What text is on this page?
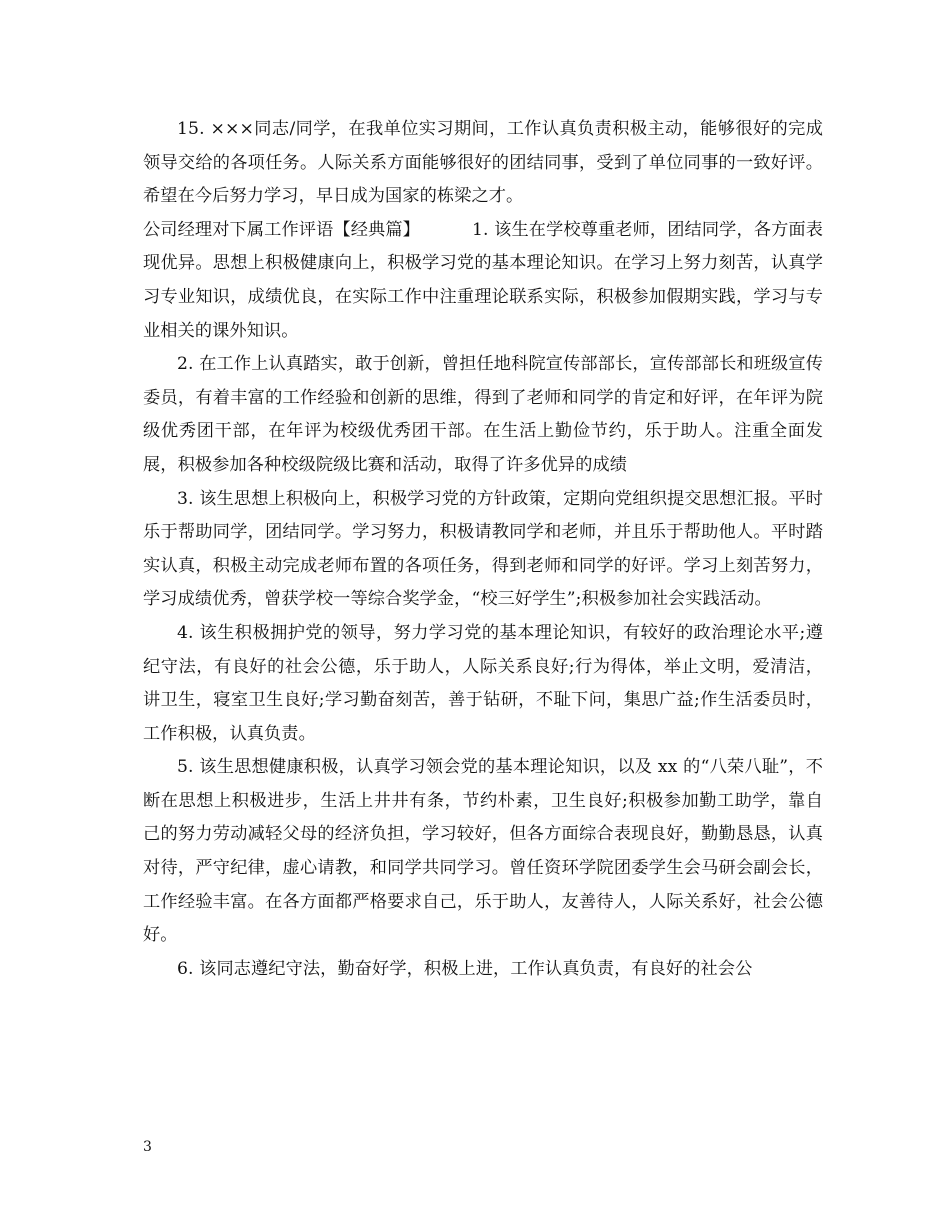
15. ×××同志/同学，在我单位实习期间，工作认真负责积极主动，能够很好的完成领导交给的各项任务。人际关系方面能够很好的团结同事，受到了单位同事的一致好评。希望在今后努力学习，早日成为国家的栋梁之才。

公司经理对下属工作评语【经典篇】	1. 该生在学校尊重老师，团结同学，各方面表现优异。思想上积极健康向上，积极学习党的基本理论知识。在学习上努力刻苦，认真学习专业知识，成绩优良，在实际工作中注重理论联系实际，积极参加假期实践，学习与专业相关的课外知识。

2. 在工作上认真踏实，敢于创新，曾担任地科院宣传部部长，宣传部部长和班级宣传委员，有着丰富的工作经验和创新的思维，得到了老师和同学的肯定和好评，在年评为院级优秀团干部，在年评为校级优秀团干部。在生活上勤俭节约，乐于助人。注重全面发展，积极参加各种校级院级比赛和活动，取得了许多优异的成绩

3. 该生思想上积极向上，积极学习党的方针政策，定期向党组织提交思想汇报。平时乐于帮助同学，团结同学。学习努力，积极请教同学和老师，并且乐于帮助他人。平时踏实认真，积极主动完成老师布置的各项任务，得到老师和同学的好评。学习上刻苦努力，学习成绩优秀，曾获学校一等综合奖学金，“校三好学生”;积极参加社会实践活动。

4. 该生积极拥护党的领导，努力学习党的基本理论知识，有较好的政治理论水平;遵纪守法，有良好的社会公德，乐于助人，人际关系良好;行为得体，举止文明，爱清洁，讲卫生，寝室卫生良好;学习勤奋刻苦，善于钻研，不耻下问，集思广益;作生活委员时，工作积极，认真负责。

5. 该生思想健康积极，认真学习领会党的基本理论知识，以及 xx 的“八荣八耻”，不断在思想上积极进步，生活上井井有条，节约朴素，卫生良好;积极参加勤工助学，靠自己的努力劳动减轻父母的经济负担，学习较好，但各方面综合表现良好，勤勤恳恳，认真对待，严守纪律，虚心请教，和同学共同学习。曾任资环学院团委学生会马研会副会长，工作经验丰富。在各方面都严格要求自己，乐于助人，友善待人，人际关系好，社会公德好。

6. 该同志遵纪守法，勤奋好学，积极上进，工作认真负责，有良好的社会公

3
